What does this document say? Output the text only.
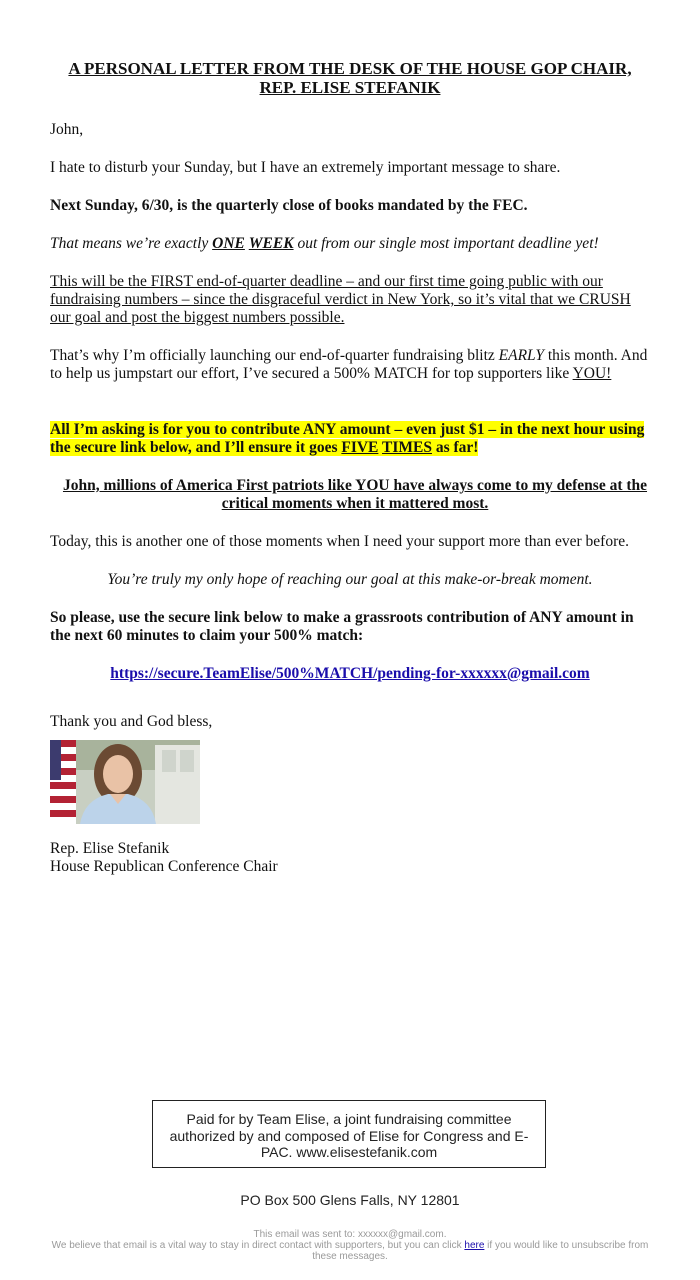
A PERSONAL LETTER FROM THE DESK OF THE HOUSE GOP CHAIR,
REP. ELISE STEFANIK

John,

I hate to disturb your Sunday, but I have an extremely important message to share.

Next Sunday, 6/30, is the quarterly close of books mandated by the FEC.

That means we’re exactly ONE WEEK out from our single most important deadline yet!

This will be the FIRST end-of-quarter deadline – and our first time going public with our fundraising numbers – since the disgraceful verdict in New York, so it’s vital that we CRUSH our goal and post the biggest numbers possible.

That’s why I’m officially launching our end-of-quarter fundraising blitz EARLY this month. And to help us jumpstart our effort, I’ve secured a 500% MATCH for top supporters like YOU!

All I’m asking is for you to contribute ANY amount – even just $1 – in the next hour using the secure link below, and I’ll ensure it goes FIVE TIMES as far!

John, millions of America First patriots like YOU have always come to my defense at the critical moments when it mattered most.

Today, this is another one of those moments when I need your support more than ever before.

You’re truly my only hope of reaching our goal at this make-or-break moment.

So please, use the secure link below to make a grassroots contribution of ANY amount in the next 60 minutes to claim your 500% match:

https://secure.TeamElise/500%MATCH/pending-for-xxxxxx@gmail.com

Thank you and God bless,

Rep. Elise Stefanik

House Republican Conference Chair

Paid for by Team Elise, a joint fundraising committee authorized by and composed of Elise for Congress and E-PAC. www.elisestefanik.com
PO Box 500 Glens Falls, NY 12801
This email was sent to: xxxxxx@gmail.com.
We believe that email is a vital way to stay in direct contact with supporters, but you can click here if you would like to unsubscribe from these messages.
